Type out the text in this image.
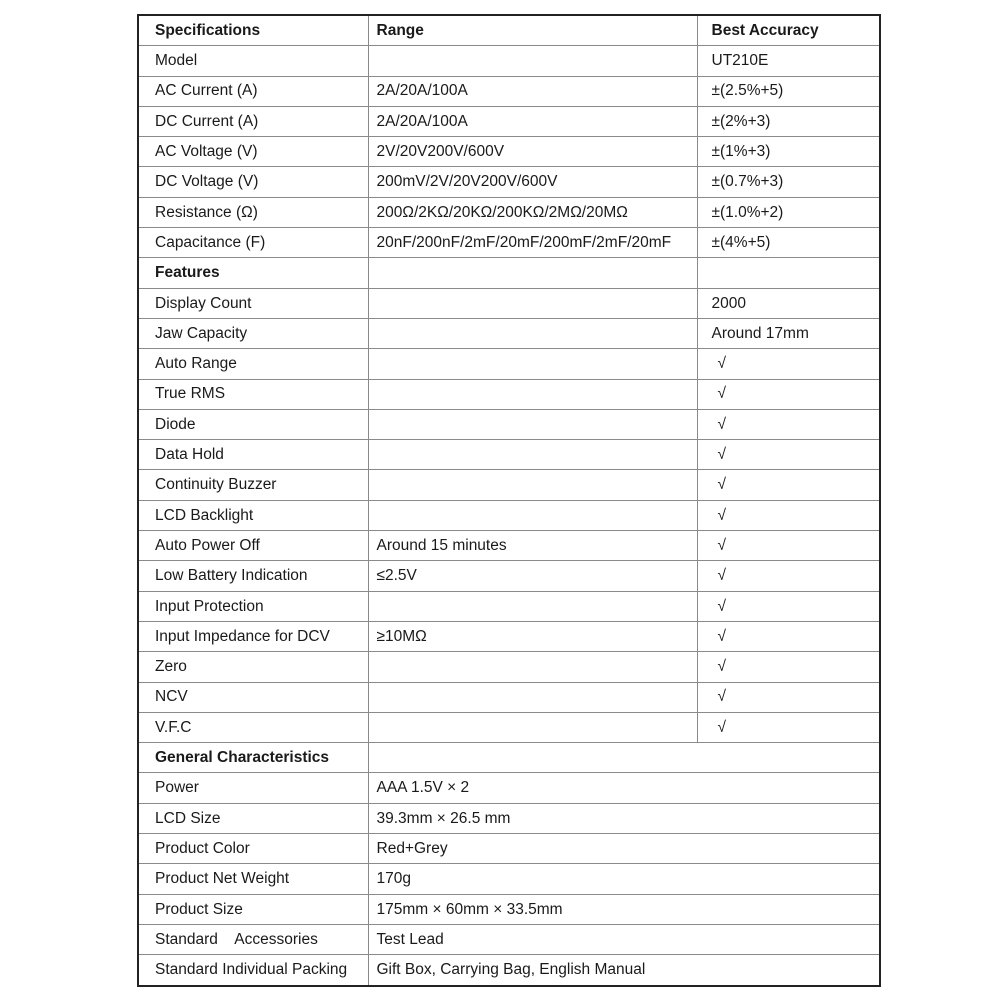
Specifications	Range	Best Accuracy
Model		UT210E
AC Current (A)	2A/20A/100A	±(2.5%+5)
DC Current (A)	2A/20A/100A	±(2%+3)
AC Voltage (V)	2V/20V200V/600V	±(1%+3)
DC Voltage (V)	200mV/2V/20V200V/600V	±(0.7%+3)
Resistance (Ω)	200Ω/2KΩ/20KΩ/200KΩ/2MΩ/20MΩ	±(1.0%+2)
Capacitance (F)	20nF/200nF/2mF/20mF/200mF/2mF/20mF	±(4%+5)
Features		
Display Count		2000
Jaw Capacity		Around 17mm
Auto Range		√
True RMS		√
Diode		√
Data Hold		√
Continuity Buzzer		√
LCD Backlight		√
Auto Power Off	Around 15 minutes	√
Low Battery Indication	≤2.5V	√
Input Protection		√
Input Impedance for DCV	≥10MΩ	√
Zero		√
NCV		√
V.F.C		√
General Characteristics		
Power	AAA 1.5V × 2	
LCD Size	39.3mm × 26.5 mm	
Product Color	Red+Grey	
Product Net Weight	170g	
Product Size	175mm × 60mm × 33.5mm	
Standard    Accessories	Test Lead	
Standard Individual Packing	Gift Box, Carrying Bag, English Manual	
